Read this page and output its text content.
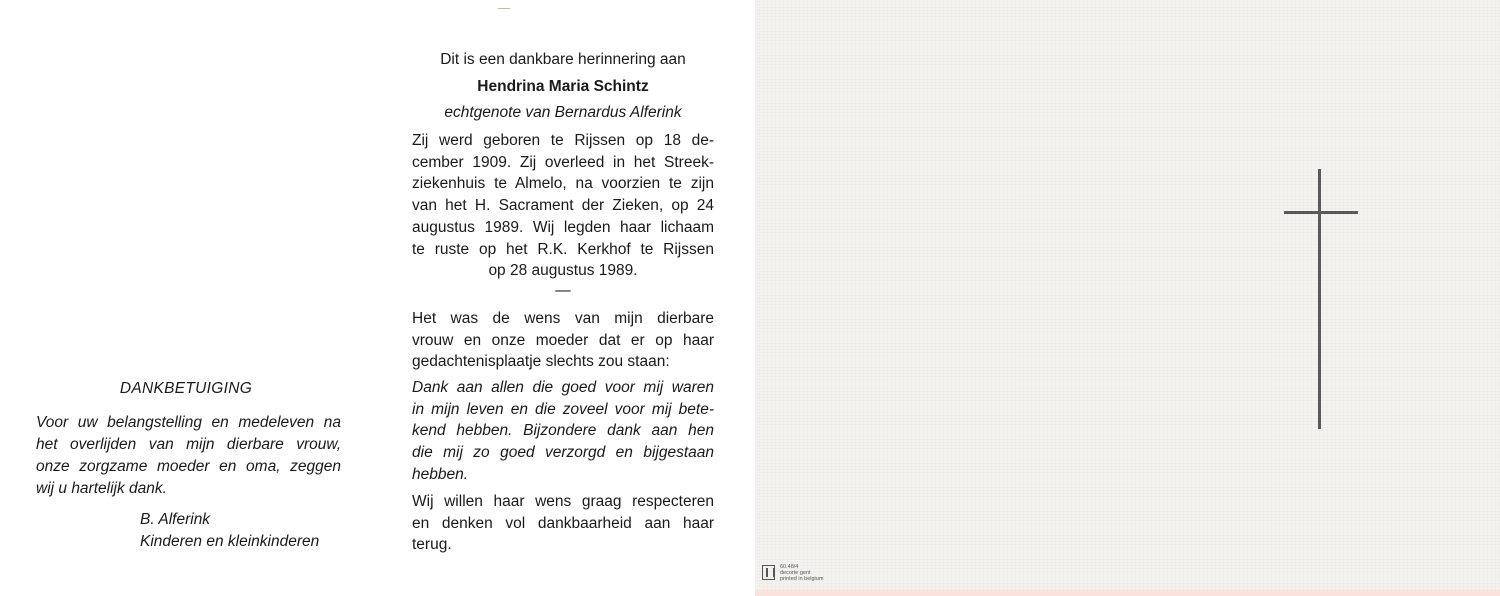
DANKBETUIGING

Voor uw belangstelling en medeleven na
het overlijden van mijn dierbare vrouw,
onze zorgzame moeder en oma, zeggen
wij u hartelijk dank.

B. Alferink
Kinderen en kleinkinderen
Dit is een dankbare herinnering aan
Hendrina Maria Schintz
echtgenote van Bernardus Alferink

Zij werd geboren te Rijssen op 18 de-
cember 1909. Zij overleed in het Streek-
ziekenhuis te Almelo, na voorzien te zijn
van het H. Sacrament der Zieken, op 24
augustus 1989. Wij legden haar lichaam
te ruste op het R.K. Kerkhof te Rijssen
op 28 augustus 1989.

—

Het was de wens van mijn dierbare
vrouw en onze moeder dat er op haar
gedachtenisplaatje slechts zou staan:

Dank aan allen die goed voor mij waren
in mijn leven en die zoveel voor mij bete-
kend hebben. Bijzondere dank aan hen
die mij zo goed verzorgd en bijgestaan
hebben.

Wij willen haar wens graag respecteren
en denken vol dankbaarheid aan haar
terug.

60.48/4
decorte gent
printed in belgium
